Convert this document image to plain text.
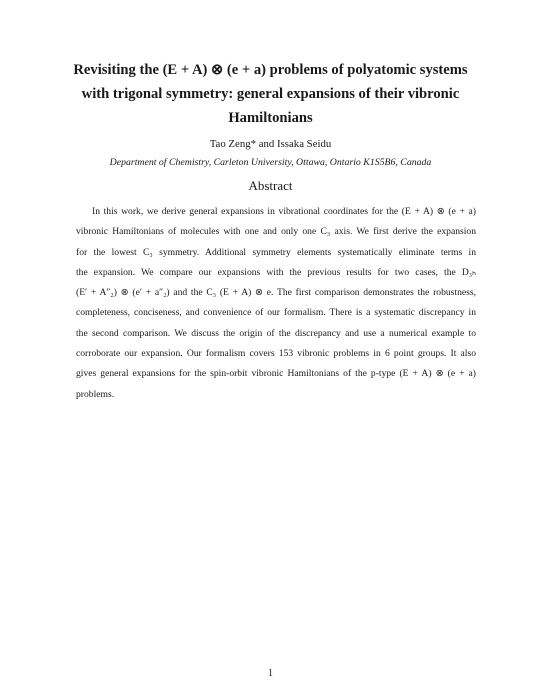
Revisiting the (E + A) ⊗ (e + a) problems of polyatomic systems
with trigonal symmetry: general expansions of their vibronic
Hamiltonians
Tao Zeng* and Issaka Seidu
Department of Chemistry, Carleton University, Ottawa, Ontario K1S5B6, Canada
Abstract
In this work, we derive general expansions in vibrational coordinates for the (E + A) ⊗ (e + a)
vibronic Hamiltonians of molecules with one and only one C₃ axis. We first derive the expansion
for the lowest C₃ symmetry. Additional symmetry elements systematically eliminate terms in
the expansion. We compare our expansions with the previous results for two cases, the D₃ₕ
(E′ + A″₂) ⊗ (e′ + a″₂) and the C₃ (E + A) ⊗ e. The first comparison demonstrates the robustness,
completeness, conciseness, and convenience of our formalism. There is a systematic discrepancy in
the second comparison. We discuss the origin of the discrepancy and use a numerical example to
corroborate our expansion. Our formalism covers 153 vibronic problems in 6 point groups. It also
gives general expansions for the spin-orbit vibronic Hamiltonians of the p-type (E + A) ⊗ (e + a)
problems.
1
